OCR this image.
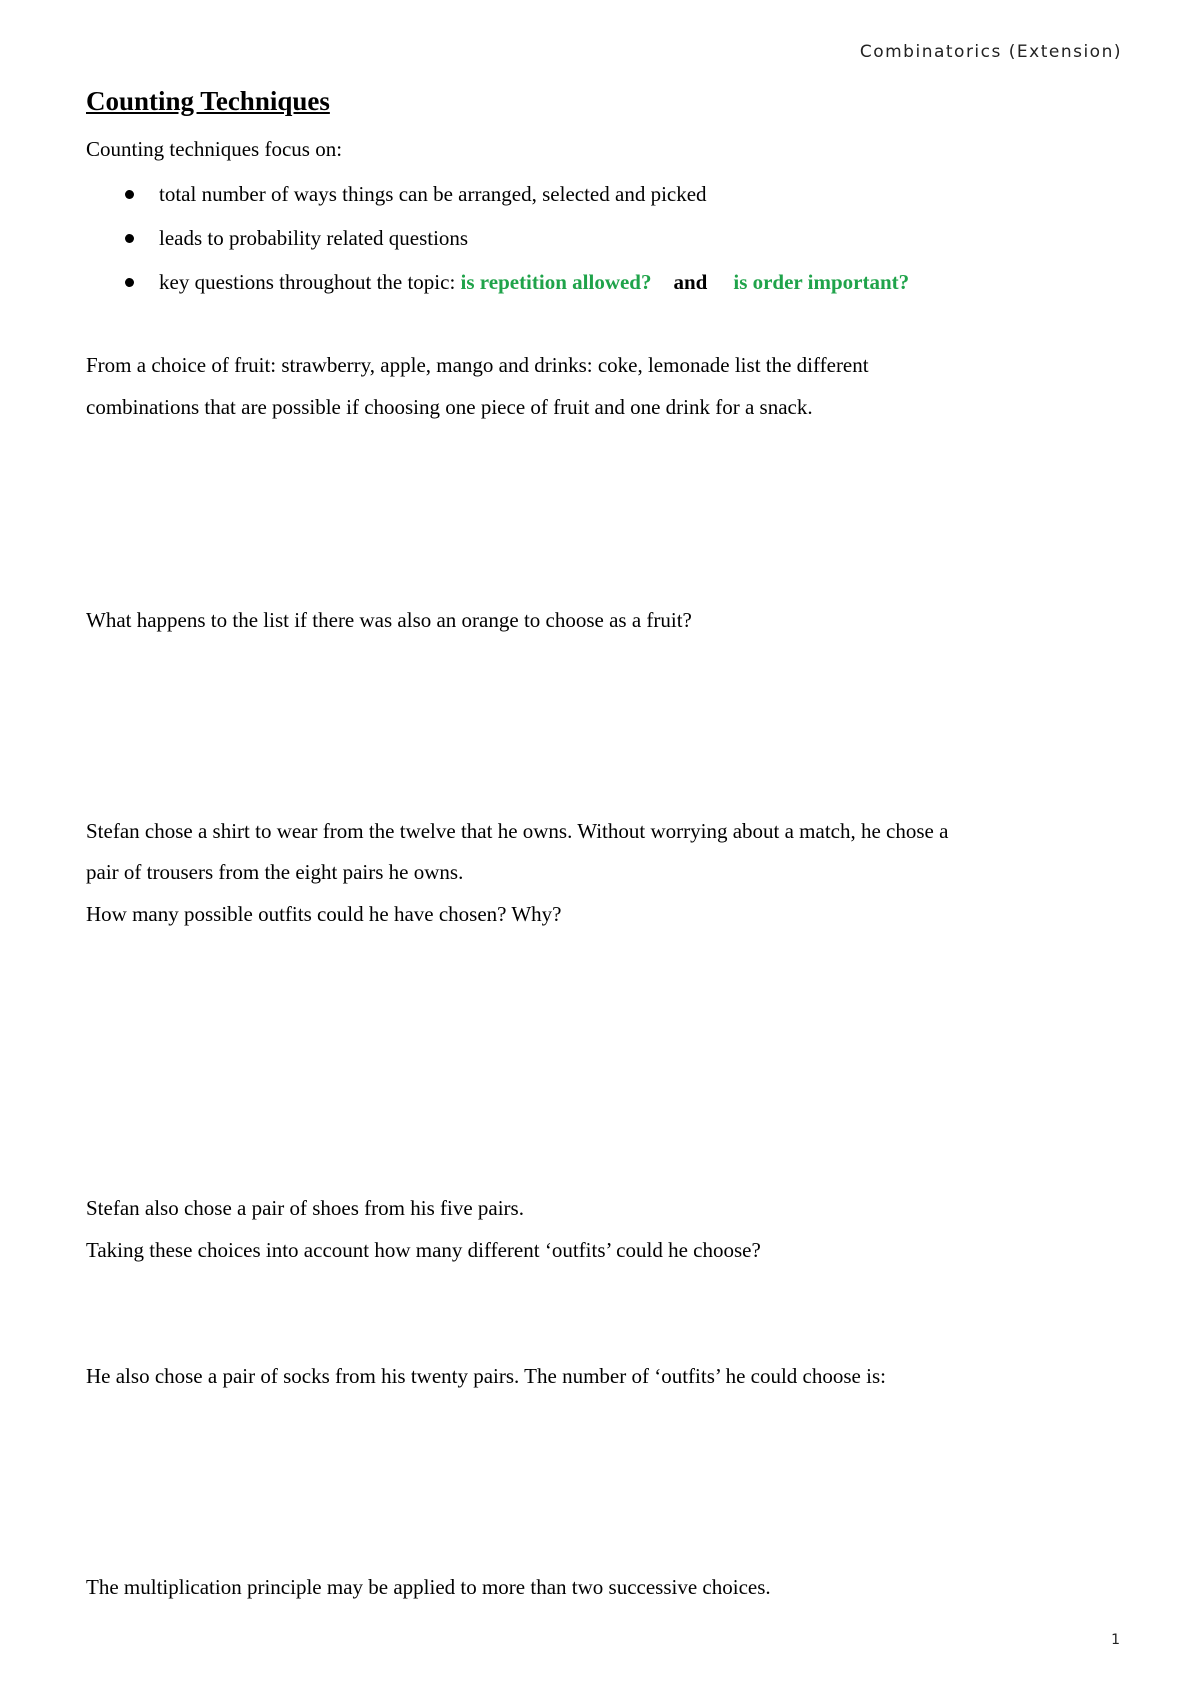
Combinatorics (Extension)
Counting Techniques
Counting techniques focus on:
total number of ways things can be arranged, selected and picked
leads to probability related questions
key questions throughout the topic: is repetition allowed? and is order important?
From a choice of fruit: strawberry, apple, mango and drinks: coke, lemonade list the different
combinations that are possible if choosing one piece of fruit and one drink for a snack.
What happens to the list if there was also an orange to choose as a fruit?
Stefan chose a shirt to wear from the twelve that he owns. Without worrying about a match, he chose a
pair of trousers from the eight pairs he owns.
How many possible outfits could he have chosen? Why?
Stefan also chose a pair of shoes from his five pairs.
Taking these choices into account how many different ‘outfits’ could he choose?
He also chose a pair of socks from his twenty pairs. The number of ‘outfits’ he could choose is:
The multiplication principle may be applied to more than two successive choices.
1
